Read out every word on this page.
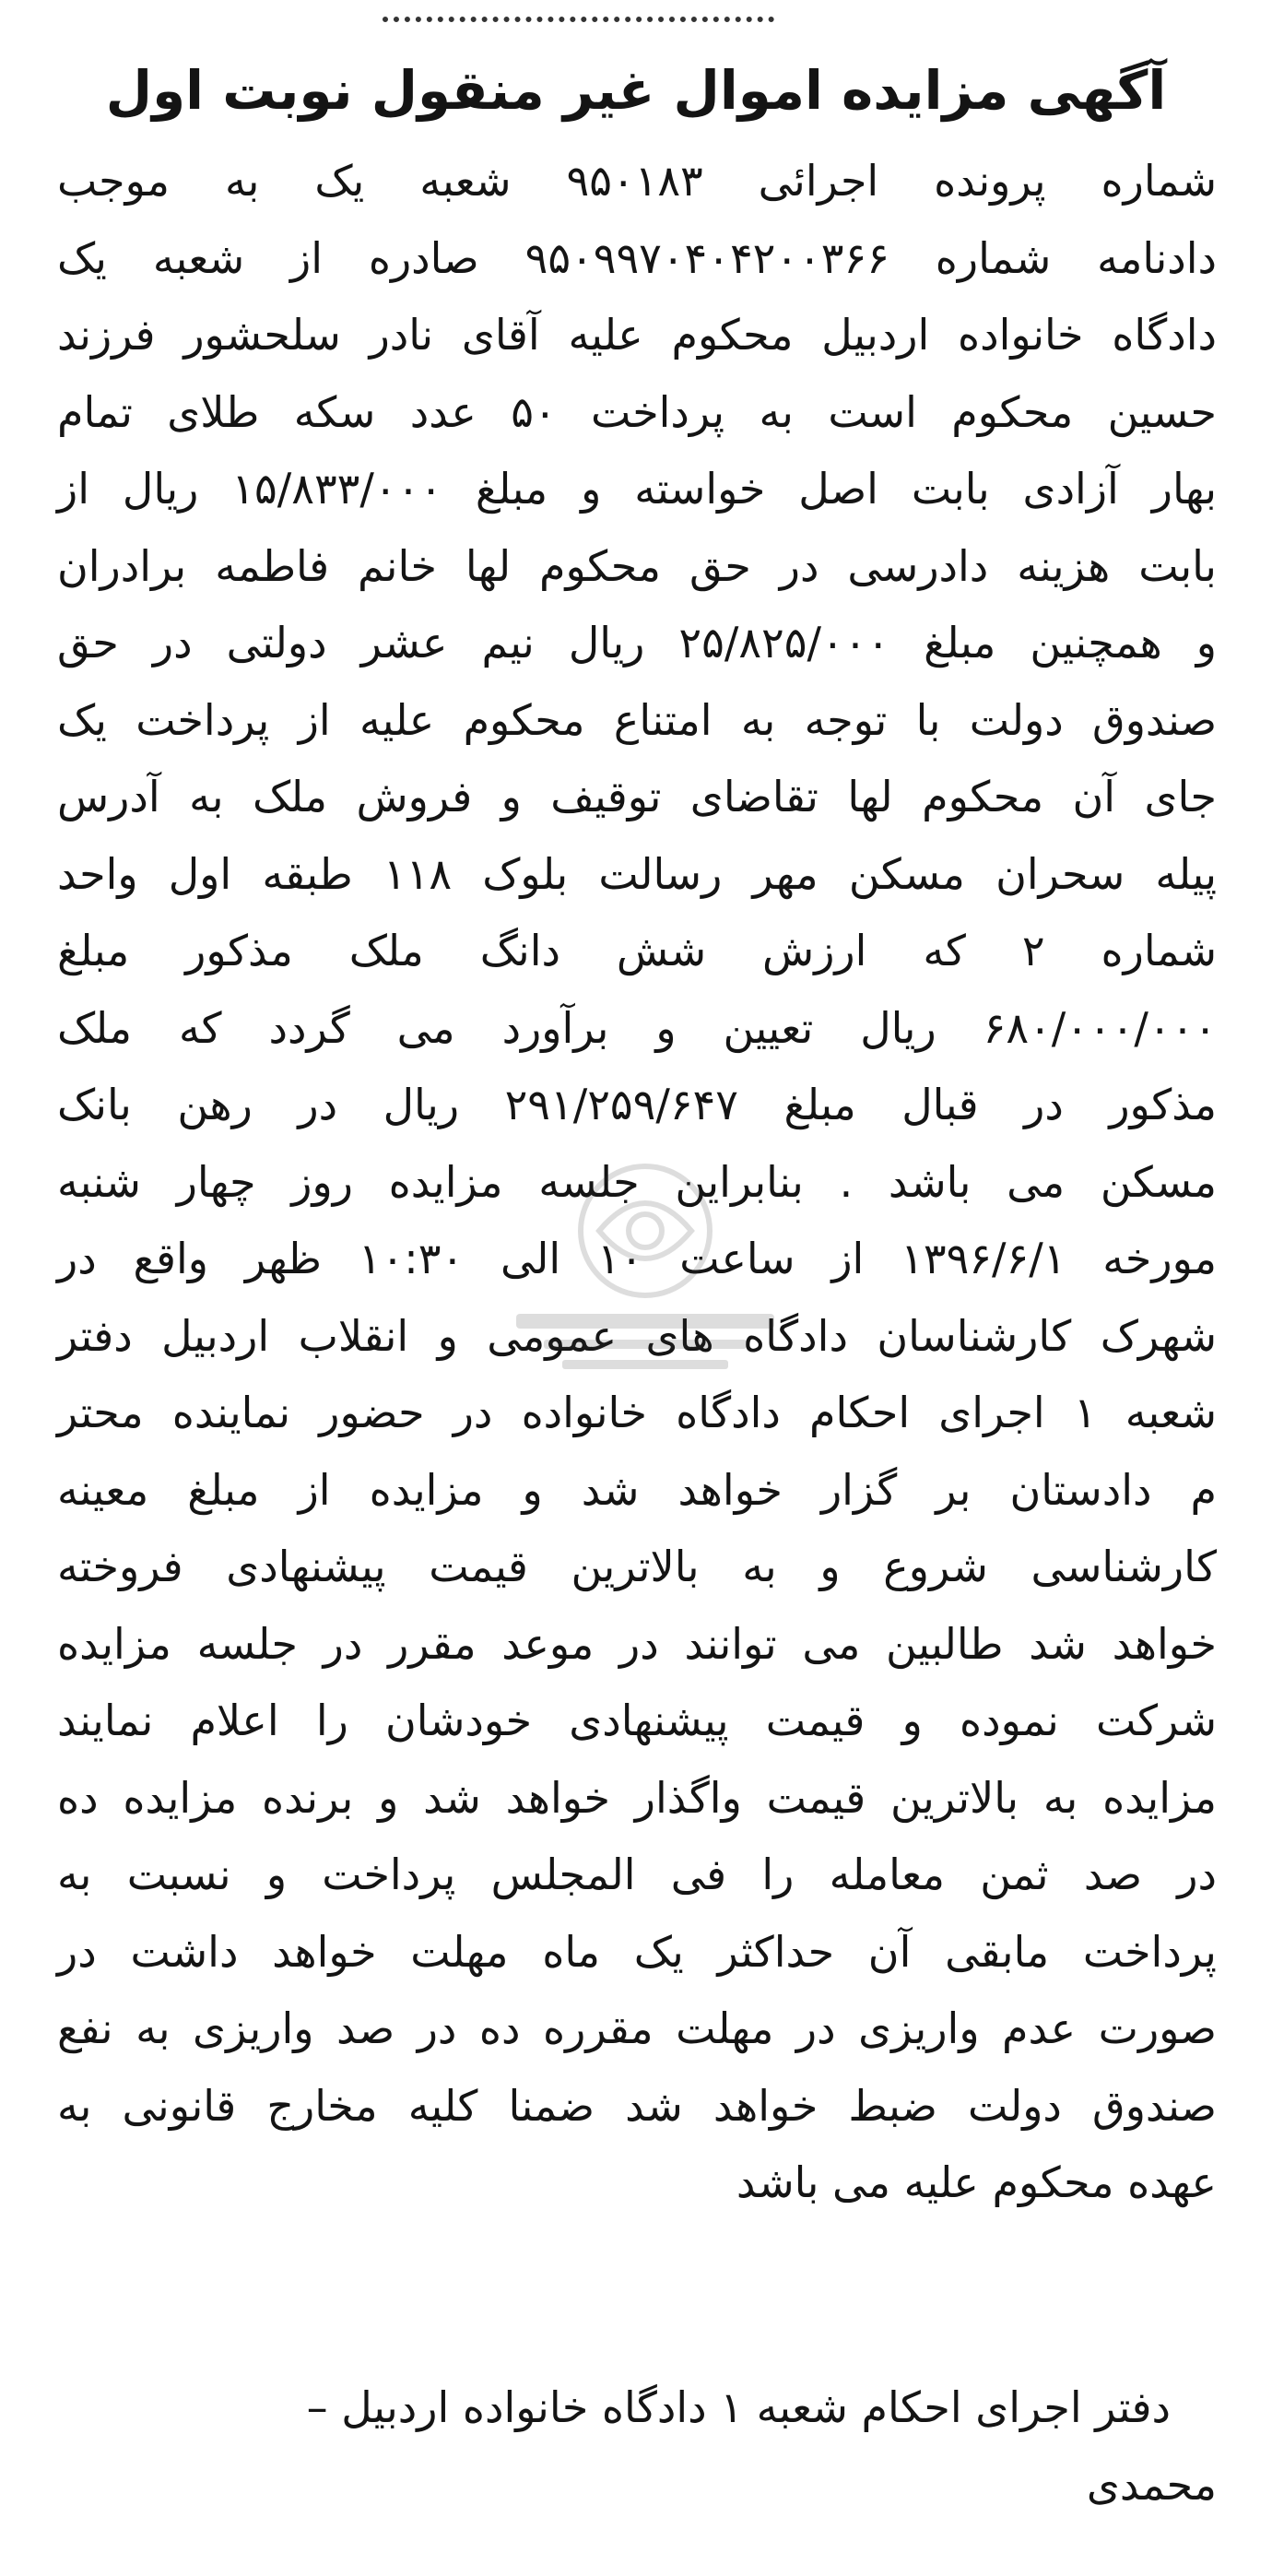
آگهی مزایده اموال غیر منقول نوبت اول
شماره پرونده اجرائی ۹۵۰۱۸۳ شعبه یک به موجب
دادنامه شماره ۹۵۰۹۹۷۰۴۰۴۲۰۰۳۶۶ صادره از شعبه یک
دادگاه خانواده اردبیل محکوم علیه آقای نادر سلحشور فرزند
حسین محکوم است به پرداخت ۵۰ عدد سکه طلای تمام
بهار آزادی بابت اصل خواسته و مبلغ ۱۵/۸۳۳/۰۰۰ ریال از
بابت هزینه دادرسی در حق محکوم لها خانم فاطمه برادران
و همچنین مبلغ ۲۵/۸۲۵/۰۰۰ ریال نیم عشر دولتی در حق
صندوق دولت با توجه به امتناع محکوم علیه از پرداخت یک
جای آن محکوم لها تقاضای توقیف و فروش ملک به آدرس
پیله سحران مسکن مهر رسالت بلوک ۱۱۸ طبقه اول واحد
شماره ۲ که ارزش شش دانگ ملک مذکور مبلغ
۶۸۰/۰۰۰/۰۰۰ ریال تعیین و برآورد می گردد که ملک
مذکور در قبال مبلغ ۲۹۱/۲۵۹/۶۴۷ ریال در رهن بانک
مسکن می باشد . بنابراین جلسه مزایده روز چهار شنبه
مورخه ۱۳۹۶/۶/۱ از ساعت ۱۰ الی ۱۰:۳۰ ظهر واقع در
شهرک کارشناسان دادگاه های عمومی و انقلاب اردبیل دفتر
شعبه ۱ اجرای احکام دادگاه خانواده در حضور نماینده محتر
م دادستان بر گزار خواهد شد و مزایده از مبلغ معینه
کارشناسی شروع و به بالاترین قیمت پیشنهادی فروخته
خواهد شد طالبین می توانند در موعد مقرر در جلسه مزایده
شرکت نموده و قیمت پیشنهادی خودشان را اعلام نمایند
مزایده به بالاترین قیمت واگذار خواهد شد و برنده مزایده ده
در صد ثمن معامله را فی المجلس پرداخت و نسبت به
پرداخت مابقی آن حداکثر یک ماه مهلت خواهد داشت در
صورت عدم واریزی در مهلت مقرره ده در صد واریزی به نفع
صندوق دولت ضبط خواهد شد ضمنا کلیه مخارج قانونی به
عهده محکوم علیه می باشد
دفتر اجرای احکام شعبه ۱ دادگاه خانواده اردبیل –
محمدی
